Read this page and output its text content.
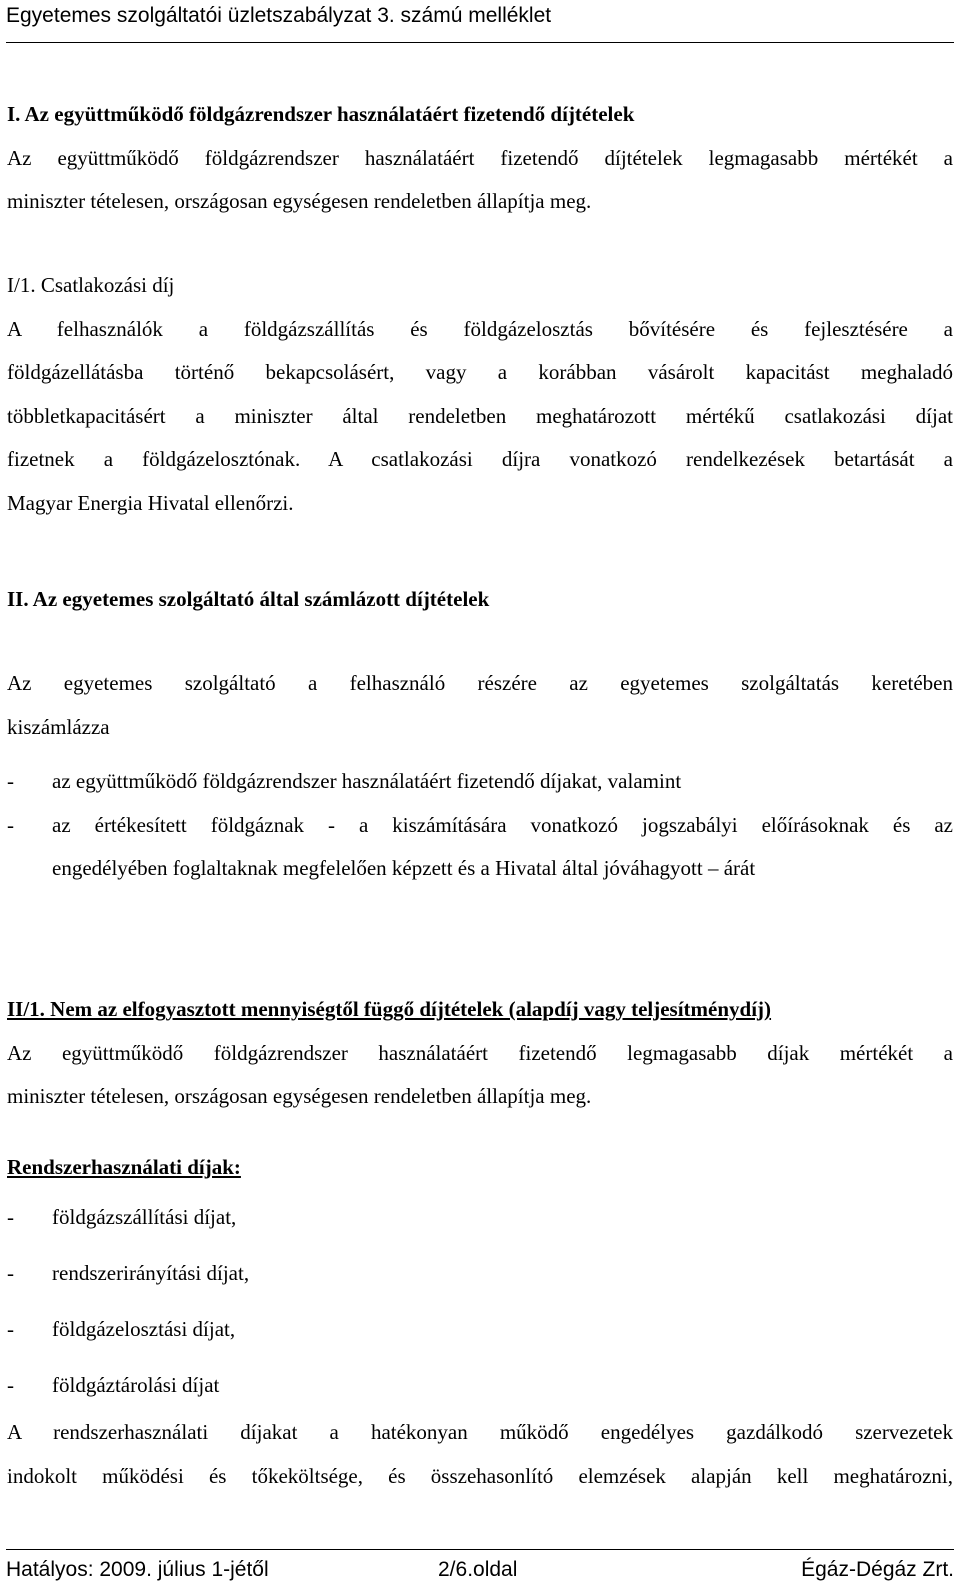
Egyetemes szolgáltatói üzletszabályzat 3. számú melléklet
I. Az együttműködő földgázrendszer használatáért fizetendő díjtételek
Az együttműködő földgázrendszer használatáért fizetendő díjtételek legmagasabb mértékét a
miniszter tételesen, országosan egységesen rendeletben állapítja meg.
I/1. Csatlakozási díj
A felhasználók a földgázszállítás és földgázelosztás bővítésére és fejlesztésére a
földgázellátásba történő bekapcsolásért, vagy a korábban vásárolt kapacitást meghaladó
többletkapacitásért a miniszter által rendeletben meghatározott mértékű csatlakozási díjat
fizetnek a földgázelosztónak. A csatlakozási díjra vonatkozó rendelkezések betartását a
Magyar Energia Hivatal ellenőrzi.
II. Az egyetemes szolgáltató által számlázott díjtételek
Az egyetemes szolgáltató a felhasználó részére az egyetemes szolgáltatás keretében
kiszámlázza
- az együttműködő földgázrendszer használatáért fizetendő díjakat, valamint
- az értékesített földgáznak - a kiszámítására vonatkozó jogszabályi előírásoknak és az
engedélyében foglaltaknak megfelelően képzett és a Hivatal által jóváhagyott – árát
II/1. Nem az elfogyasztott mennyiségtől függő díjtételek (alapdíj vagy teljesítménydíj)
Az együttműködő földgázrendszer használatáért fizetendő legmagasabb díjak mértékét a
miniszter tételesen, országosan egységesen rendeletben állapítja meg.
Rendszerhasználati díjak:
- földgázszállítási díjat,
- rendszerirányítási díjat,
- földgázelosztási díjat,
- földgáztárolási díjat
A rendszerhasználati díjakat a hatékonyan működő engedélyes gazdálkodó szervezetek
indokolt működési és tőkeköltsége, és összehasonlító elemzések alapján kell meghatározni,
Hatályos: 2009. július 1-jétől	2/6.oldal	Égáz-Dégáz Zrt.
